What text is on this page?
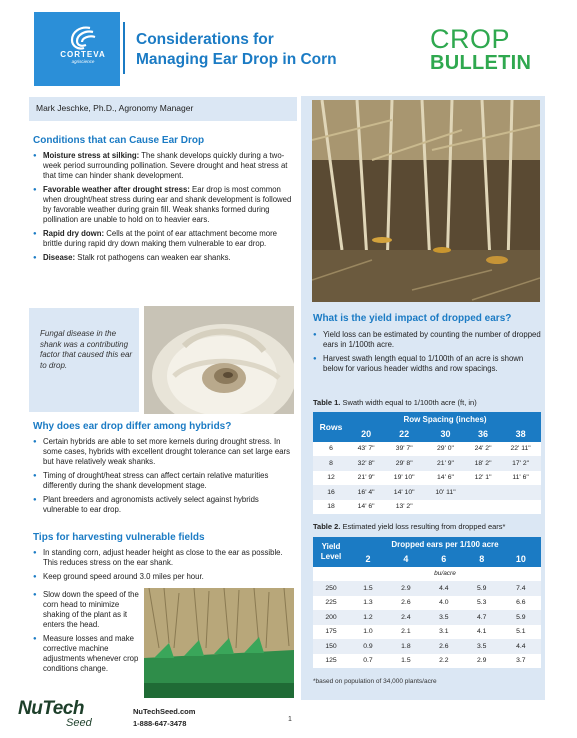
CORTEVA
agriscience
Considerations for
Managing Ear Drop in Corn
CROP
BULLETIN
Mark Jeschke, Ph.D., Agronomy Manager
Conditions that can Cause Ear Drop
● Moisture stress at silking: The shank develops quickly during a two-week period surrounding pollination. Severe drought and heat stress at that time can hinder shank development.
● Favorable weather after drought stress: Ear drop is most common when drought/heat stress during ear and shank development is followed by favorable weather during grain fill. Weak shanks formed during pollination are unable to hold on to heavier ears.
● Rapid dry down: Cells at the point of ear attachment become more brittle during rapid dry down making them vulnerable to ear drop.
● Disease: Stalk rot pathogens can weaken ear shanks.
Fungal disease in the shank was a contributing factor that caused this ear to drop.
Why does ear drop differ among hybrids?
● Certain hybrids are able to set more kernels during drought stress. In some cases, hybrids with excellent drought tolerance can set large ears but have relatively weak shanks.
● Timing of drought/heat stress can affect certain relative maturities differently during the shank development stage.
● Plant breeders and agronomists actively select against hybrids vulnerable to ear drop.
Tips for harvesting vulnerable fields
● In standing corn, adjust header height as close to the ear as possible. This reduces stress on the ear shank.
● Keep ground speed around 3.0 miles per hour.
● Slow down the speed of the corn head to minimize shaking of the plant as it enters the head.
● Measure losses and make corrective machine adjustments whenever crop conditions change.
What is the yield impact of dropped ears?
● Yield loss can be estimated by counting the number of dropped ears in 1/100th acre.
● Harvest swath length equal to 1/100th of an acre is shown below for various header widths and row spacings.
Table 1. Swath width equal to 1/100th acre (ft, in)
Rows	Row Spacing (inches)				
	20	22	30	36	38
6	43' 7"	39' 7"	29' 0"	24' 2"	22' 11"
8	32' 8"	29' 8"	21' 9"	18' 2"	17' 2"
12	21' 9"	19' 10"	14' 6"	12' 1"	11' 6"
16	16' 4"	14' 10"	10' 11"		
18	14' 6"	13' 2"			
Table 2. Estimated yield loss resulting from dropped ears*
Yield
Level	Dropped ears per 1/100 acre				
	2	4	6	8	10
	bu/acre				
250	1.5	2.9	4.4	5.9	7.4
225	1.3	2.6	4.0	5.3	6.6
200	1.2	2.4	3.5	4.7	5.9
175	1.0	2.1	3.1	4.1	5.1
150	0.9	1.8	2.6	3.5	4.4
125	0.7	1.5	2.2	2.9	3.7
*based on population of 34,000 plants/acre
NuTech
Seed
NuTechSeed.com
1-888-647-3478	1
